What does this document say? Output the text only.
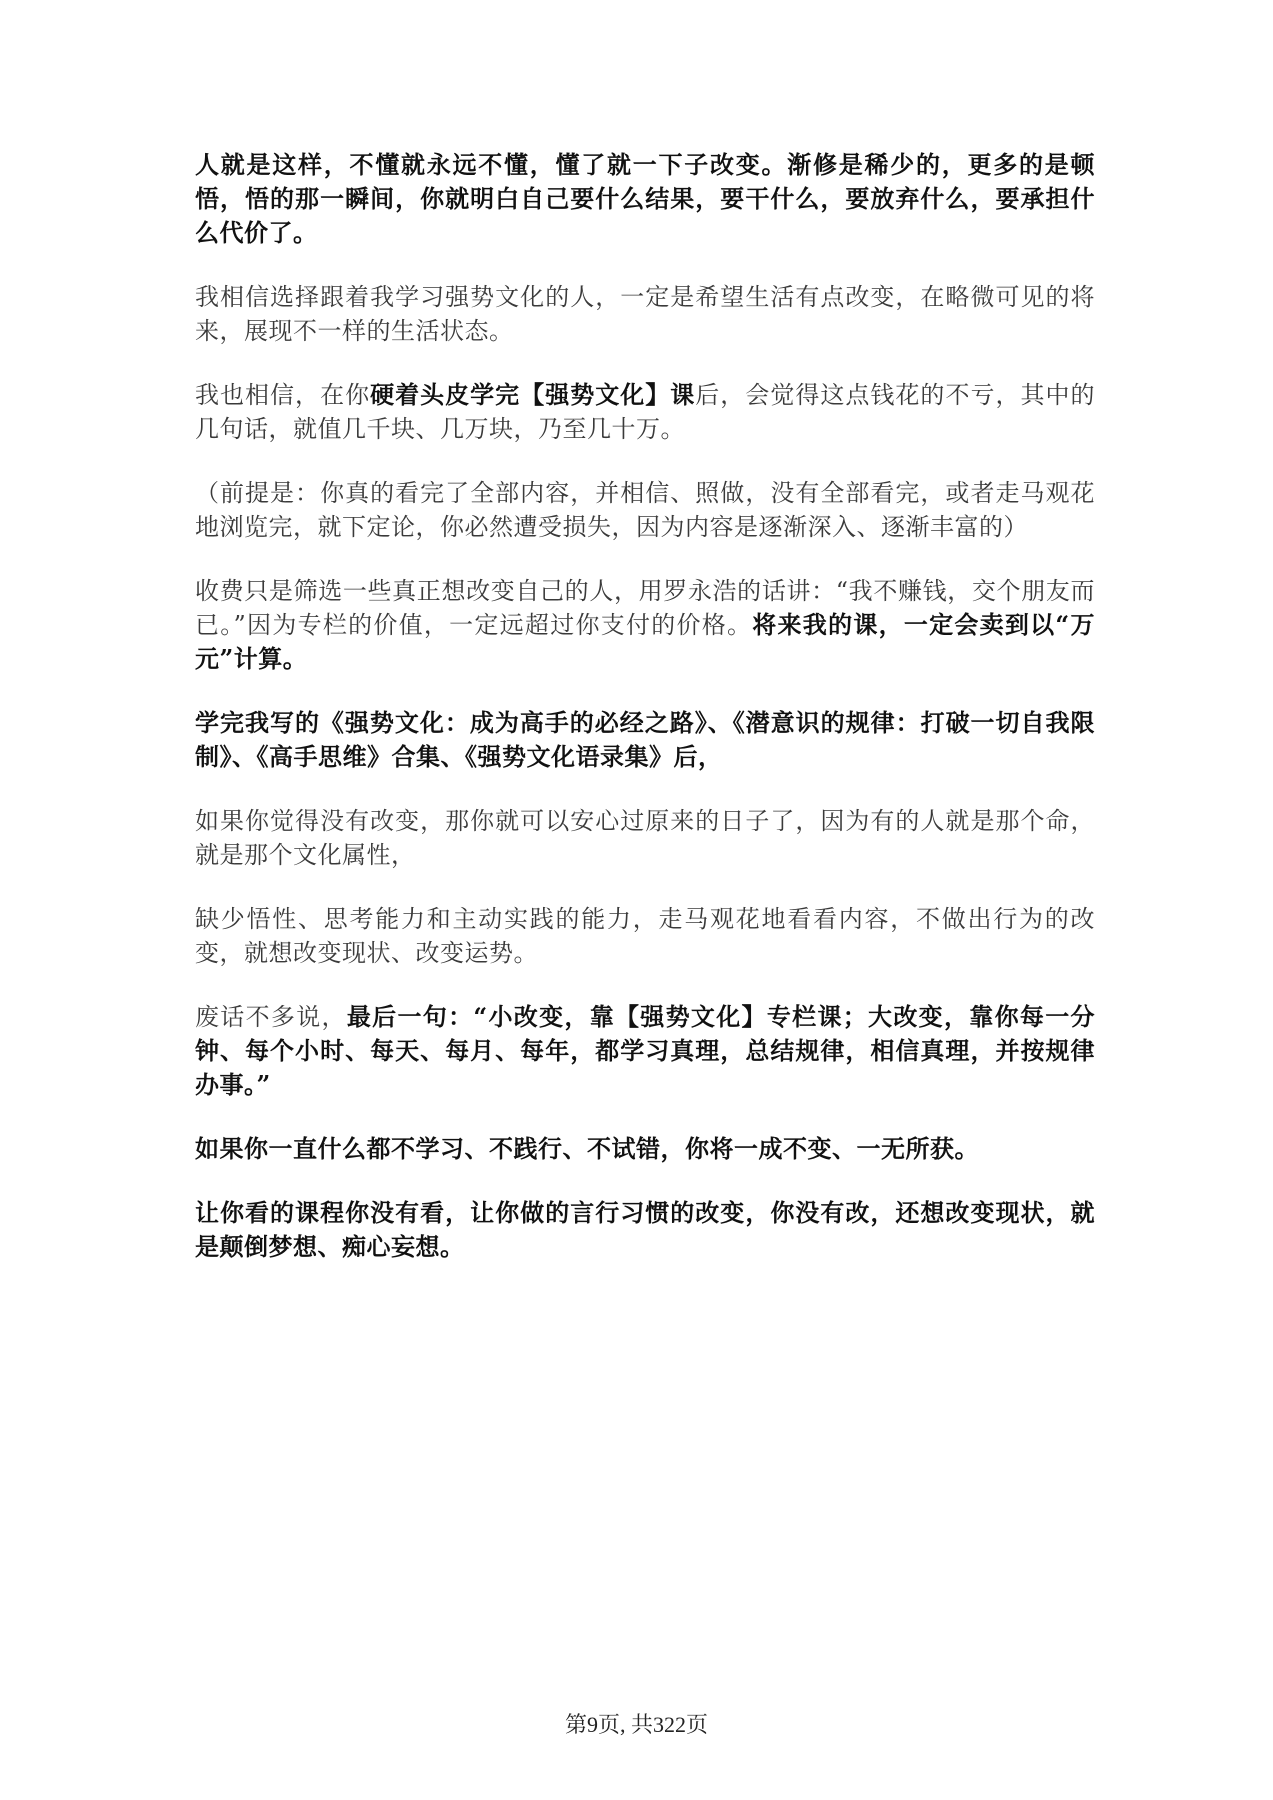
人就是这样，不懂就永远不懂，懂了就一下子改变。渐修是稀少的，更多的是顿悟，悟的那一瞬间，你就明白自己要什么结果，要干什么，要放弃什么，要承担什么代价了。

我相信选择跟着我学习强势文化的人，一定是希望生活有点改变，在略微可见的将来，展现不一样的生活状态。

我也相信，在你硬着头皮学完【强势文化】课后，会觉得这点钱花的不亏，其中的几句话，就值几千块、几万块，乃至几十万。

（前提是：你真的看完了全部内容，并相信、照做，没有全部看完，或者走马观花地浏览完，就下定论，你必然遭受损失，因为内容是逐渐深入、逐渐丰富的）

收费只是筛选一些真正想改变自己的人，用罗永浩的话讲：“我不赚钱，交个朋友而已。”因为专栏的价值，一定远超过你支付的价格。将来我的课，一定会卖到以“万元”计算。

学完我写的《强势文化：成为高手的必经之路》、《潜意识的规律：打破一切自我限制》、《高手思维》合集、《强势文化语录集》后，

如果你觉得没有改变，那你就可以安心过原来的日子了，因为有的人就是那个命，就是那个文化属性，

缺少悟性、思考能力和主动实践的能力，走马观花地看看内容，不做出行为的改变，就想改变现状、改变运势。

废话不多说，最后一句：“小改变，靠【强势文化】专栏课；大改变，靠你每一分钟、每个小时、每天、每月、每年，都学习真理，总结规律，相信真理，并按规律办事。”

如果你一直什么都不学习、不践行、不试错，你将一成不变、一无所获。

让你看的课程你没有看，让你做的言行习惯的改变，你没有改，还想改变现状，就是颠倒梦想、痴心妄想。

第9页, 共322页
